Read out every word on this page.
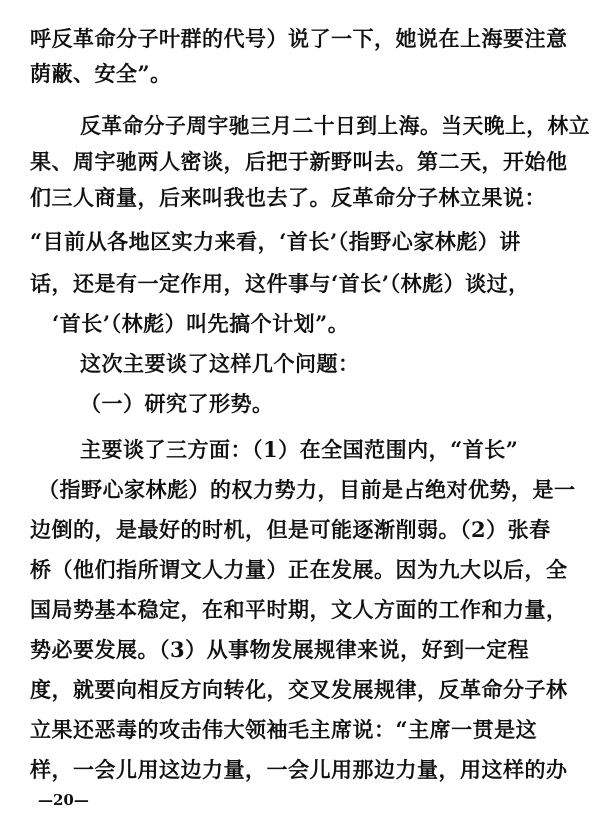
呼反革命分子叶群的代号）说了一下，她说在上海要注意
荫蔽、安全”。
反革命分子周宇驰三月二十日到上海。当天晚上，林立
果、周宇驰两人密谈，后把于新野叫去。第二天，开始他
们三人商量，后来叫我也去了。反革命分子林立果说：
“目前从各地区实力来看，‘首长’（指野心家林彪）讲
话，还是有一定作用，这件事与‘首长’（林彪）谈过，
‘首长’（林彪）叫先搞个计划”。
这次主要谈了这样几个问题：
（一）研究了形势。
主要谈了三方面：（1）在全国范围内，“首长”
（指野心家林彪）的权力势力，目前是占绝对优势，是一
边倒的，是最好的时机，但是可能逐渐削弱。（2）张春
桥（他们指所谓文人力量）正在发展。因为九大以后，全
国局势基本稳定，在和平时期，文人方面的工作和力量，
势必要发展。（3）从事物发展规律来说，好到一定程
度，就要向相反方向转化，交叉发展规律，反革命分子林
立果还恶毒的攻击伟大领袖毛主席说：“主席一贯是这
样，一会儿用这边力量，一会儿用那边力量，用这样的办
—20—
